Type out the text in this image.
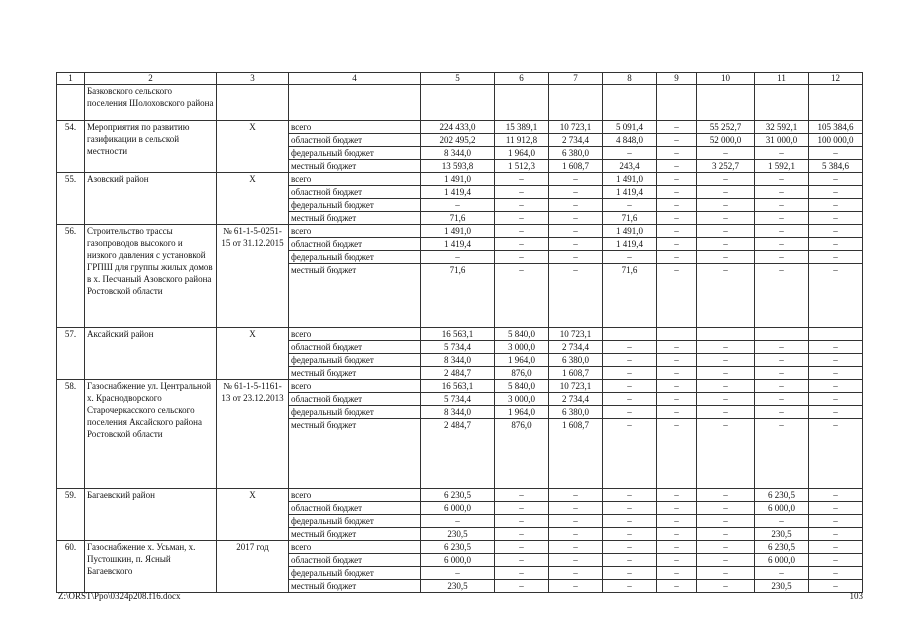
1	2	3	4	5	6	7	8	9	10	11	12
	Базковского сельского поселения Шолоховского района										
54.	Мероприятия по развитию газификации в сельской местности	Х	всего	224 433,0	15 389,1	10 723,1	5 091,4	–	55 252,7	32 592,1	105 384,6
			областной бюджет	202 495,2	11 912,8	2 734,4	4 848,0	–	52 000,0	31 000,0	100 000,0
			федеральный бюджет	8 344,0	1 964,0	6 380,0	–	–	–	–	–
			местный бюджет	13 593,8	1 512,3	1 608,7	243,4	–	3 252,7	1 592,1	5 384,6
55.	Азовский район	Х	всего	1 491,0	–	–	1 491,0	–	–	–	–
			областной бюджет	1 419,4	–	–	1 419,4	–	–	–	–
			федеральный бюджет	–	–	–	–	–	–	–	–
			местный бюджет	71,6	–	–	71,6	–	–	–	–
56.	Строительство трассы газопроводов высокого и низкого давления с установкой ГРПШ для группы жилых домов в х. Песчаный Азовского района Ростовской области	№ 61-1-5-0251-15 от 31.12.2015	всего	1 491,0	–	–	1 491,0	–	–	–	–
			областной бюджет	1 419,4	–	–	1 419,4	–	–	–	–
			федеральный бюджет	–	–	–	–	–	–	–	–
			местный бюджет	71,6	–	–	71,6	–	–	–	–
57.	Аксайский район	Х	всего	16 563,1	5 840,0	10 723,1					
			областной бюджет	5 734,4	3 000,0	2 734,4	–	–	–	–	–
			федеральный бюджет	8 344,0	1 964,0	6 380,0	–	–	–	–	–
			местный бюджет	2 484,7	876,0	1 608,7	–	–	–	–	–
58.	Газоснабжение ул. Центральной х. Краснодворского Старочеркасского сельского поселения Аксайского района Ростовской области	№ 61-1-5-1161-13 от 23.12.2013	всего	16 563,1	5 840,0	10 723,1	–	–	–	–	–
			областной бюджет	5 734,4	3 000,0	2 734,4	–	–	–	–	–
			федеральный бюджет	8 344,0	1 964,0	6 380,0	–	–	–	–	–
			местный бюджет	2 484,7	876,0	1 608,7	–	–	–	–	–
59.	Багаевский район	Х	всего	6 230,5	–	–	–	–	–	6 230,5	–
			областной бюджет	6 000,0	–	–	–	–	–	6 000,0	–
			федеральный бюджет	–	–	–	–	–	–	–	–
			местный бюджет	230,5	–	–	–	–	–	230,5	–
60.	Газоснабжение х. Усьман, х. Пустошкин, п. Ясный Багаевского	2017 год	всего	6 230,5	–	–	–	–	–	6 230,5	–
			областной бюджет	6 000,0	–	–	–	–	–	6 000,0	–
			федеральный бюджет	–	–	–	–	–	–	–	–
			местный бюджет	230,5	–	–	–	–	–	230,5	–
Z:\ORST\Ppo\0324p208.f16.docx	103
